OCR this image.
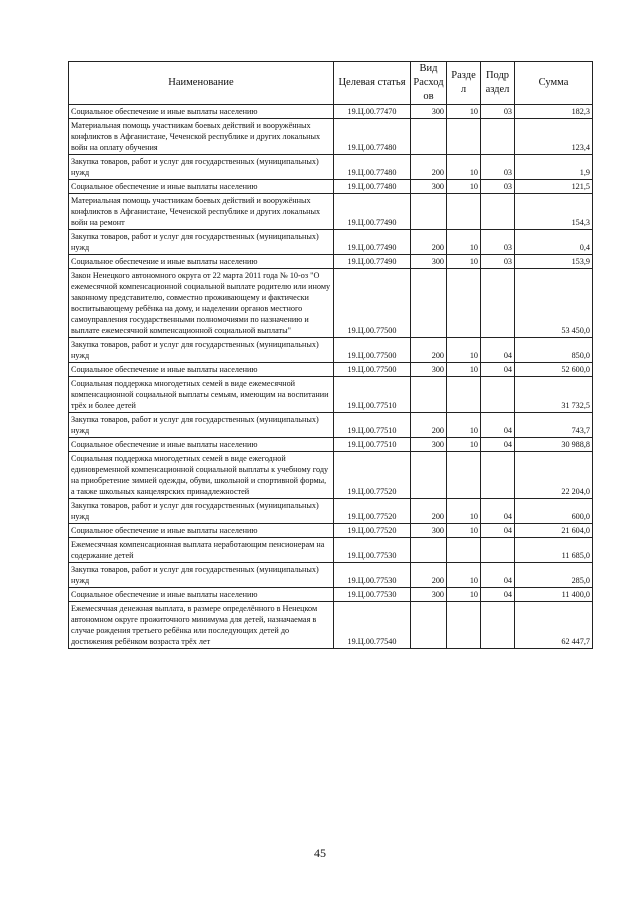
Наименование	Целевая статья	Вид Расход ов	Разде л	Подр аздел	Сумма
Социальное обеспечение и иные выплаты населению	19.Ц.00.77470	300	10	03	182,3
Материальная помощь участникам боевых действий и вооружённых конфликтов в Афганистане, Чеченской республике и других локальных войн на оплату обучения	19.Ц.00.77480				123,4
Закупка товаров, работ и услуг для государственных (муниципальных) нужд	19.Ц.00.77480	200	10	03	1,9
Социальное обеспечение и иные выплаты населению	19.Ц.00.77480	300	10	03	121,5
Материальная помощь участникам боевых действий и вооружённых конфликтов в Афганистане, Чеченской республике и других локальных войн на ремонт	19.Ц.00.77490				154,3
Закупка товаров, работ и услуг для государственных (муниципальных) нужд	19.Ц.00.77490	200	10	03	0,4
Социальное обеспечение и иные выплаты населению	19.Ц.00.77490	300	10	03	153,9
Закон Ненецкого автономного округа от 22 марта 2011 года № 10-оз "О ежемесячной компенсационной социальной выплате родителю или иному законному представителю, совместно проживающему и фактически воспитывающему ребёнка на дому, и наделении органов местного самоуправления государственными полномочиями по назначению и выплате ежемесячной компенсационной социальной выплаты"	19.Ц.00.77500				53 450,0
Закупка товаров, работ и услуг для государственных (муниципальных) нужд	19.Ц.00.77500	200	10	04	850,0
Социальное обеспечение и иные выплаты населению	19.Ц.00.77500	300	10	04	52 600,0
Социальная поддержка многодетных семей в виде ежемесячной компенсационной социальной выплаты семьям, имеющим на воспитании трёх и более детей	19.Ц.00.77510				31 732,5
Закупка товаров, работ и услуг для государственных (муниципальных) нужд	19.Ц.00.77510	200	10	04	743,7
Социальное обеспечение и иные выплаты населению	19.Ц.00.77510	300	10	04	30 988,8
Социальная поддержка многодетных семей в виде ежегодной единовременной компенсационной социальной выплаты к учебному году на приобретение зимней одежды, обуви, школьной и спортивной формы, а также школьных канцелярских принадлежностей	19.Ц.00.77520				22 204,0
Закупка товаров, работ и услуг для государственных (муниципальных) нужд	19.Ц.00.77520	200	10	04	600,0
Социальное обеспечение и иные выплаты населению	19.Ц.00.77520	300	10	04	21 604,0
Ежемесячная компенсационная выплата неработающим пенсионерам на содержание детей	19.Ц.00.77530				11 685,0
Закупка товаров, работ и услуг для государственных (муниципальных) нужд	19.Ц.00.77530	200	10	04	285,0
Социальное обеспечение и иные выплаты населению	19.Ц.00.77530	300	10	04	11 400,0
Ежемесячная денежная выплата, в размере определённого в Ненецком автономном округе прожиточного минимума для детей, назначаемая в случае рождения третьего ребёнка или последующих детей до достижения ребёнком возраста трёх лет	19.Ц.00.77540				62 447,7
45
